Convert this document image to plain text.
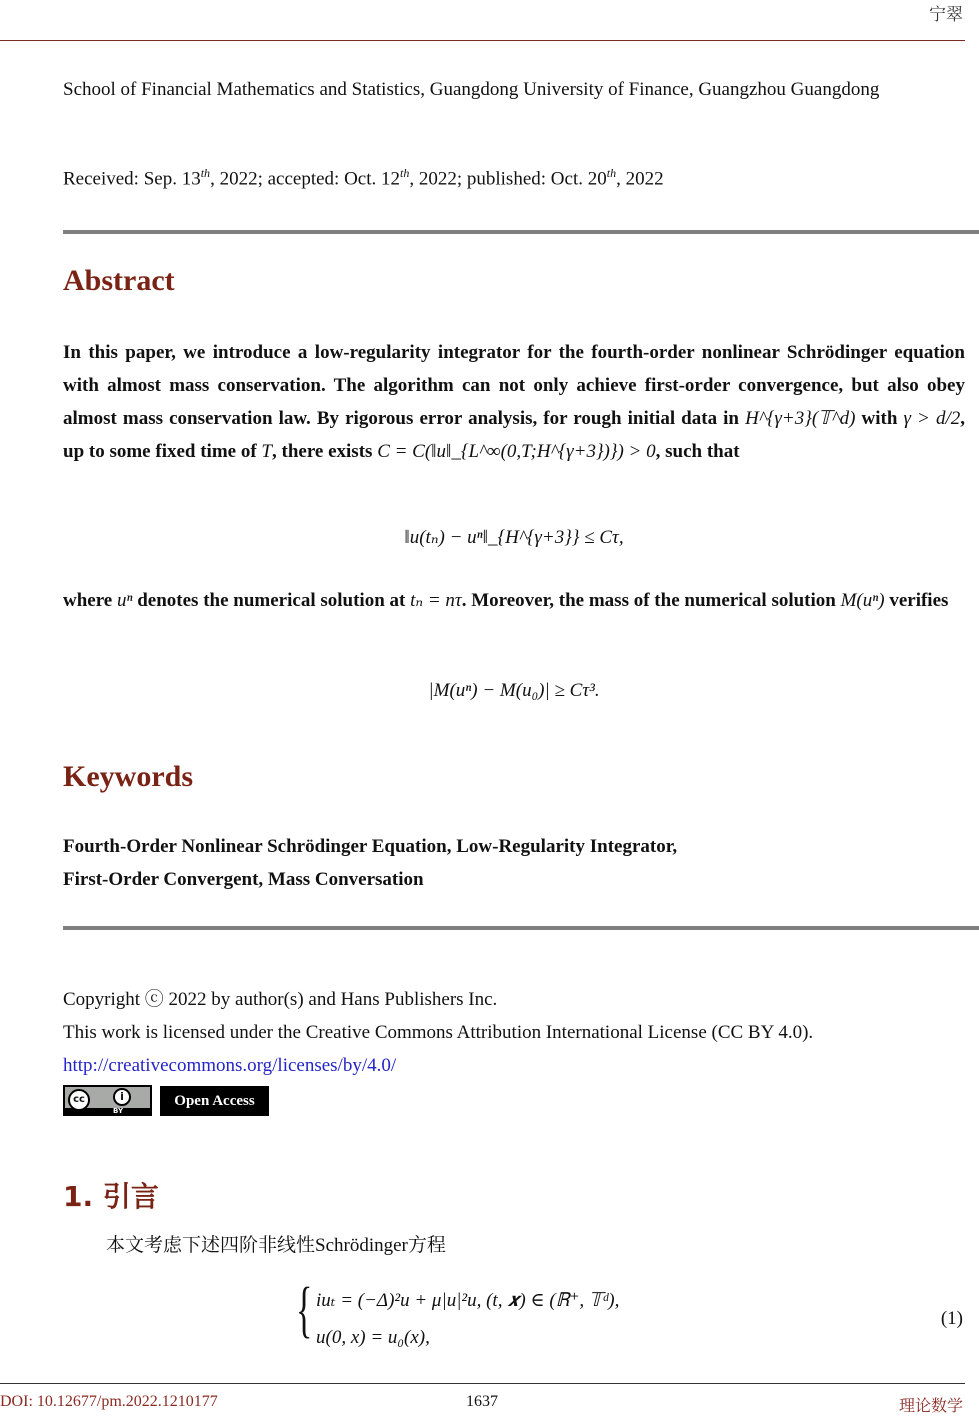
宁翠
School of Financial Mathematics and Statistics, Guangdong University of Finance, Guangzhou Guangdong
Received: Sep. 13th, 2022; accepted: Oct. 12th, 2022; published: Oct. 20th, 2022
Abstract
In this paper, we introduce a low-regularity integrator for the fourth-order nonlinear Schrödinger equation with almost mass conservation. The algorithm can not only achieve first-order convergence, but also obey almost mass conservation law. By rigorous error analysis, for rough initial data in H^{γ+3}(𝕋^d) with γ > d/2, up to some fixed time of T, there exists C = C(‖u‖_{L^∞(0,T;H^{γ+3})}) > 0, such that
‖u(tₙ) − uⁿ‖_{H^{γ+3}} ≤ Cτ,
where uⁿ denotes the numerical solution at tₙ = nτ. Moreover, the mass of the numerical solution M(uⁿ) verifies
|M(uⁿ) − M(u₀)| ≥ Cτ³.
Keywords
Fourth-Order Nonlinear Schrödinger Equation, Low-Regularity Integrator,
First-Order Convergent, Mass Conversation
Copyright ⓒ 2022 by author(s) and Hans Publishers Inc.
This work is licensed under the Creative Commons Attribution International License (CC BY 4.0).
http://creativecommons.org/licenses/by/4.0/
cc	i
BY
Open Access
1. 引言
本文考虑下述四阶非线性Schrödinger方程
{ iuₜ = (−Δ)²u + μ|u|²u, (t, 𝒙) ∈ (ℝ⁺, 𝕋ᵈ),
u(0, x) = u₀(x),
(1)
DOI: 10.12677/pm.2022.1210177	1637	理论数学
